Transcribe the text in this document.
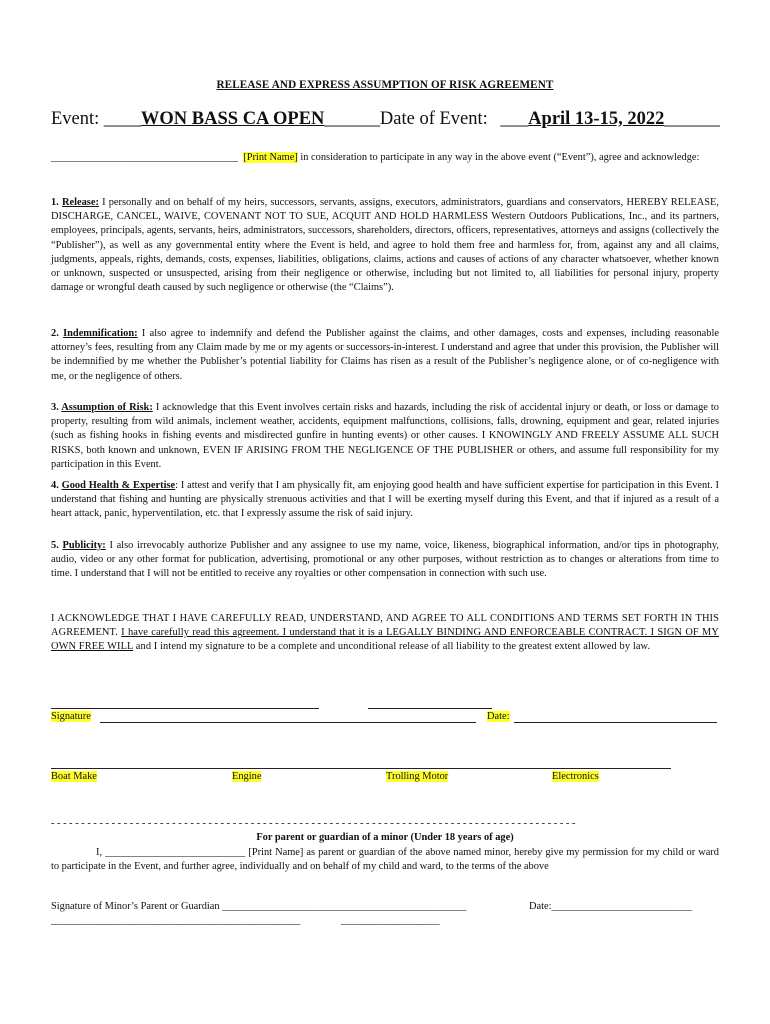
RELEASE AND EXPRESS ASSUMPTION OF RISK AGREEMENT
Event: ____WON BASS CA OPEN______Date of Event: ___April 13-15, 2022______
____________________________________ [Print Name] in consideration to participate in any way in the above event (“Event”), agree and acknowledge:
1. Release: I personally and on behalf of my heirs, successors, servants, assigns, executors, administrators, guardians and conservators, HEREBY RELEASE, DISCHARGE, CANCEL, WAIVE, COVENANT NOT TO SUE, ACQUIT AND HOLD HARMLESS Western Outdoors Publications, Inc., and its partners, employees, principals, agents, servants, heirs, administrators, successors, shareholders, directors, officers, representatives, attorneys and assigns (collectively the “Publisher”), as well as any governmental entity where the Event is held, and agree to hold them free and harmless for, from, against any and all claims, judgments, appeals, rights, demands, costs, expenses, liabilities, obligations, claims, actions and causes of actions of any character whatsoever, whether known or unknown, suspected or unsuspected, arising from their negligence or otherwise, including but not limited to, all liabilities for personal injury, property damage or wrongful death caused by such negligence or otherwise (the “Claims”).
2. Indemnification: I also agree to indemnify and defend the Publisher against the claims, and other damages, costs and expenses, including reasonable attorney’s fees, resulting from any Claim made by me or my agents or successors-in-interest. I understand and agree that under this provision, the Publisher will be indemnified by me whether the Publisher’s potential liability for Claims has risen as a result of the Publisher’s negligence alone, or of co-negligence with me, or the negligence of others.
3. Assumption of Risk: I acknowledge that this Event involves certain risks and hazards, including the risk of accidental injury or death, or loss or damage to property, resulting from wild animals, inclement weather, accidents, equipment malfunctions, collisions, falls, drowning, equipment and gear, related injuries (such as fishing hooks in fishing events and misdirected gunfire in hunting events) or other causes. I KNOWINGLY AND FREELY ASSUME ALL SUCH RISKS, both known and unknown, EVEN IF ARISING FROM THE NEGLIGENCE OF THE PUBLISHER or others, and assume full responsibility for my participation in this Event.
4. Good Health & Expertise: I attest and verify that I am physically fit, am enjoying good health and have sufficient expertise for participation in this Event. I understand that fishing and hunting are physically strenuous activities and that I will be exerting myself during this Event, and that if injured as a result of a heart attack, panic, hyperventilation, etc. that I expressly assume the risk of said injury.
5. Publicity: I also irrevocably authorize Publisher and any assignee to use my name, voice, likeness, biographical information, and/or tips in photography, audio, video or any other format for publication, advertising, promotional or any other purposes, without restriction as to changes or alterations from time to time. I understand that I will not be entitled to receive any royalties or other compensation in connection with such use.
I ACKNOWLEDGE THAT I HAVE CAREFULLY READ, UNDERSTAND, AND AGREE TO ALL CONDITIONS AND TERMS SET FORTH IN THIS AGREEMENT. I have carefully read this agreement. I understand that it is a LEGALLY BINDING AND ENFORCEABLE CONTRACT. I SIGN OF MY OWN FREE WILL and I intend my signature to be a complete and unconditional release of all liability to the greatest extent allowed by law.
Signature	Date:
Boat Make	Engine	Trolling Motor	Electronics
- - - - - - - - - - - - - - - - - - - - - - - - - - - - - - - - - - - - - - - - - - - - - - - - - - - - - - - - - - - - - - - - - - - - - - - - - - - - - - - - - - - - - - -
For parent or guardian of a minor (Under 18 years of age)
I, ___________________________ [Print Name] as parent or guardian of the above named minor, hereby give my permission for my child or ward to participate in the Event, and further agree, individually and on behalf of my child and ward, to the terms of the above
Signature of Minor’s Parent or Guardian _______________________________________________	Date:___________________________
________________________________________________	___________________
